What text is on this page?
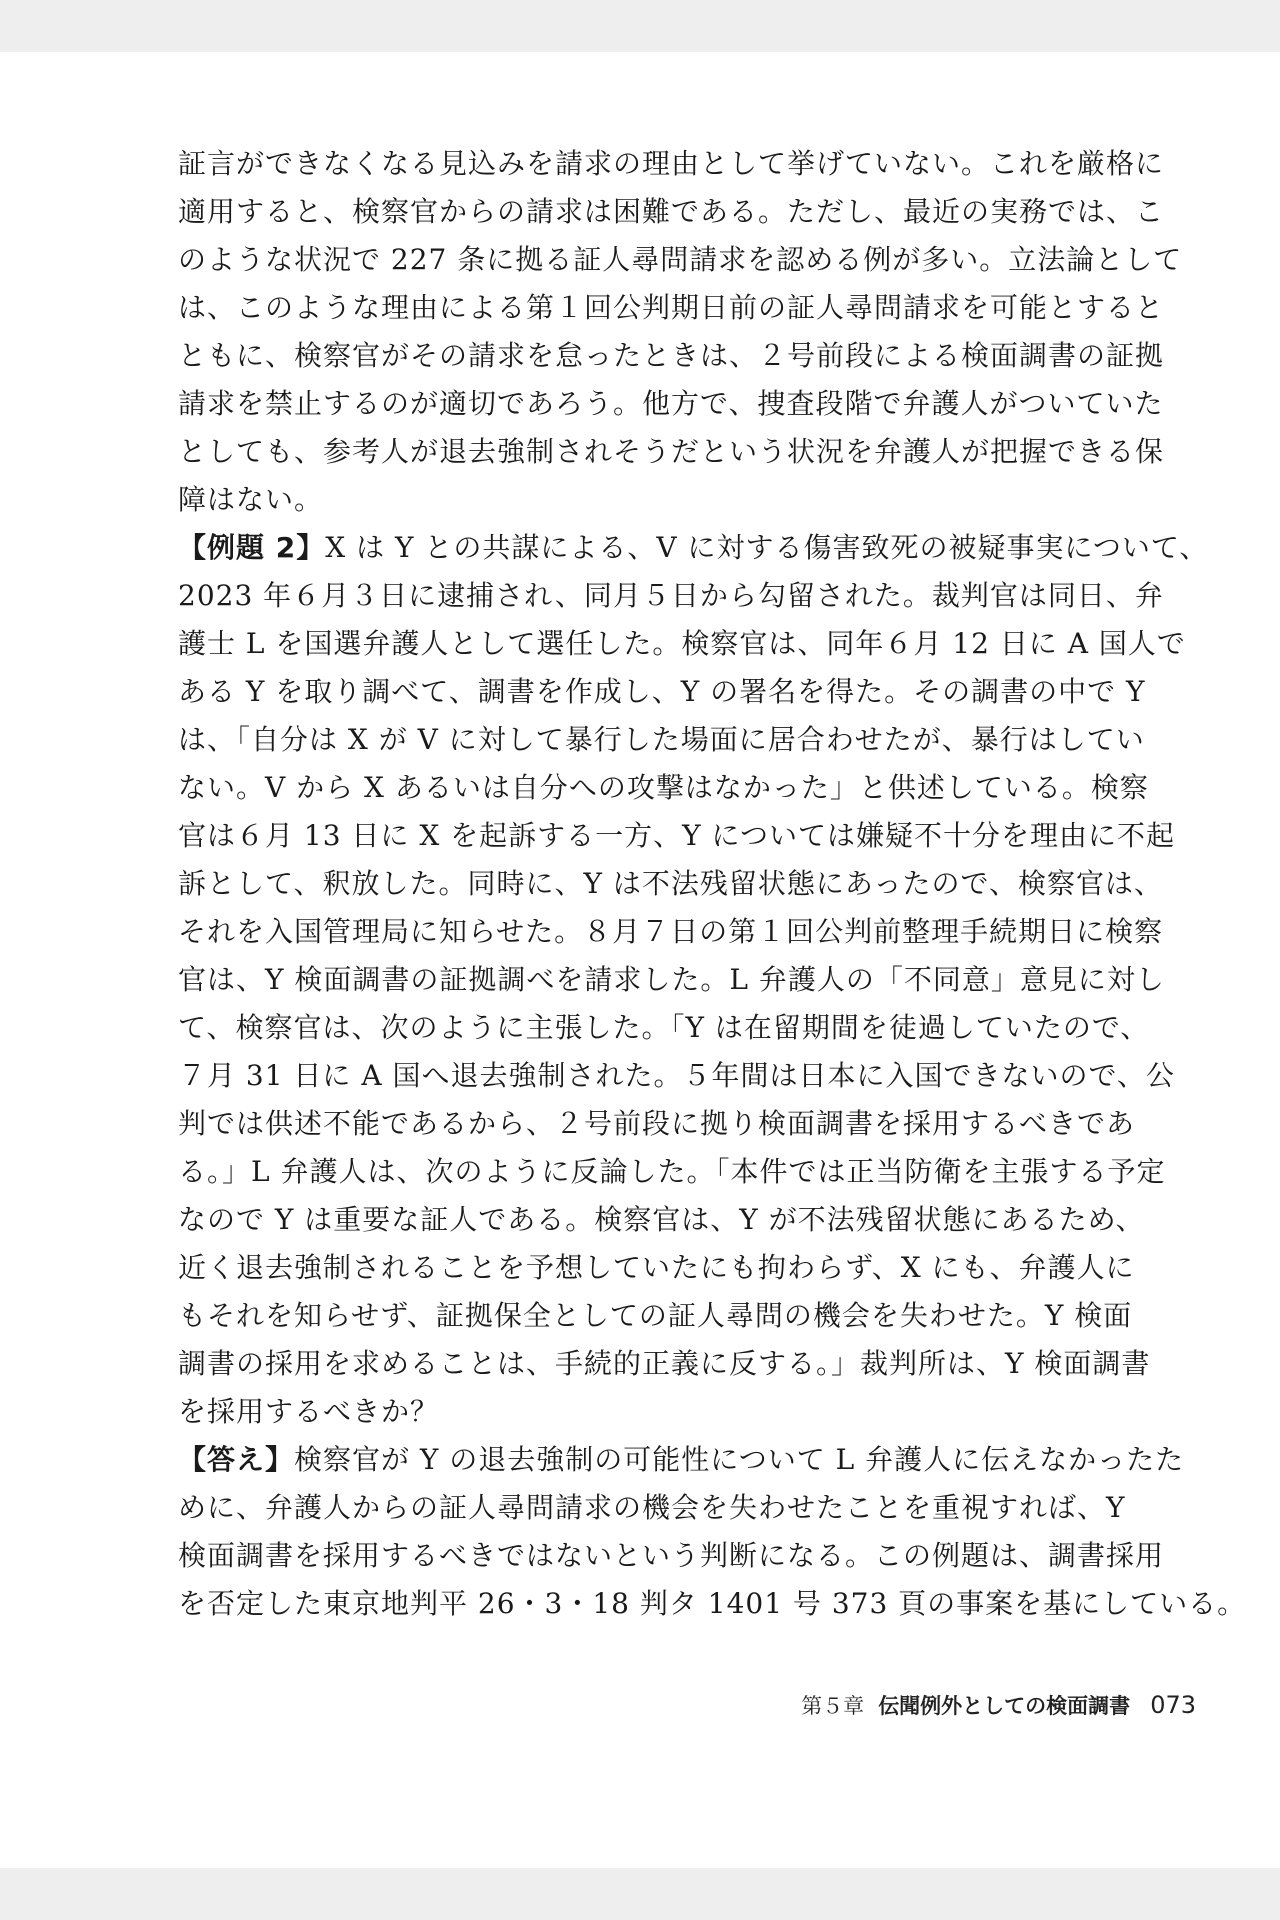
証言ができなくなる見込みを請求の理由として挙げていない。これを厳格に
適用すると、検察官からの請求は困難である。ただし、最近の実務では、こ
のような状況で 227 条に拠る証人尋問請求を認める例が多い。立法論として
は、このような理由による第１回公判期日前の証人尋問請求を可能とすると
ともに、検察官がその請求を怠ったときは、２号前段による検面調書の証拠
請求を禁止するのが適切であろう。他方で、捜査段階で弁護人がついていた
としても、参考人が退去強制されそうだという状況を弁護人が把握できる保
障はない。
【例題 2】X は Y との共謀による、V に対する傷害致死の被疑事実について、
2023 年６月３日に逮捕され、同月５日から勾留された。裁判官は同日、弁
護士 L を国選弁護人として選任した。検察官は、同年６月 12 日に A 国人で
ある Y を取り調べて、調書を作成し、Y の署名を得た。その調書の中で Y
は、「自分は X が V に対して暴行した場面に居合わせたが、暴行はしてい
ない。V から X あるいは自分への攻撃はなかった」と供述している。検察
官は６月 13 日に X を起訴する一方、Y については嫌疑不十分を理由に不起
訴として、釈放した。同時に、Y は不法残留状態にあったので、検察官は、
それを入国管理局に知らせた。８月７日の第１回公判前整理手続期日に検察
官は、Y 検面調書の証拠調べを請求した。L 弁護人の「不同意」意見に対し
て、検察官は、次のように主張した。「Y は在留期間を徒過していたので、
７月 31 日に A 国へ退去強制された。５年間は日本に入国できないので、公
判では供述不能であるから、２号前段に拠り検面調書を採用するべきであ
る。」L 弁護人は、次のように反論した。「本件では正当防衛を主張する予定
なので Y は重要な証人である。検察官は、Y が不法残留状態にあるため、
近く退去強制されることを予想していたにも拘わらず、X にも、弁護人に
もそれを知らせず、証拠保全としての証人尋問の機会を失わせた。Y 検面
調書の採用を求めることは、手続的正義に反する。」裁判所は、Y 検面調書
を採用するべきか？
【答え】検察官が Y の退去強制の可能性について L 弁護人に伝えなかったた
めに、弁護人からの証人尋問請求の機会を失わせたことを重視すれば、Y
検面調書を採用するべきではないという判断になる。この例題は、調書採用
を否定した東京地判平 26・3・18 判タ 1401 号 373 頁の事案を基にしている。
第５章 伝聞例外としての検面調書 073
